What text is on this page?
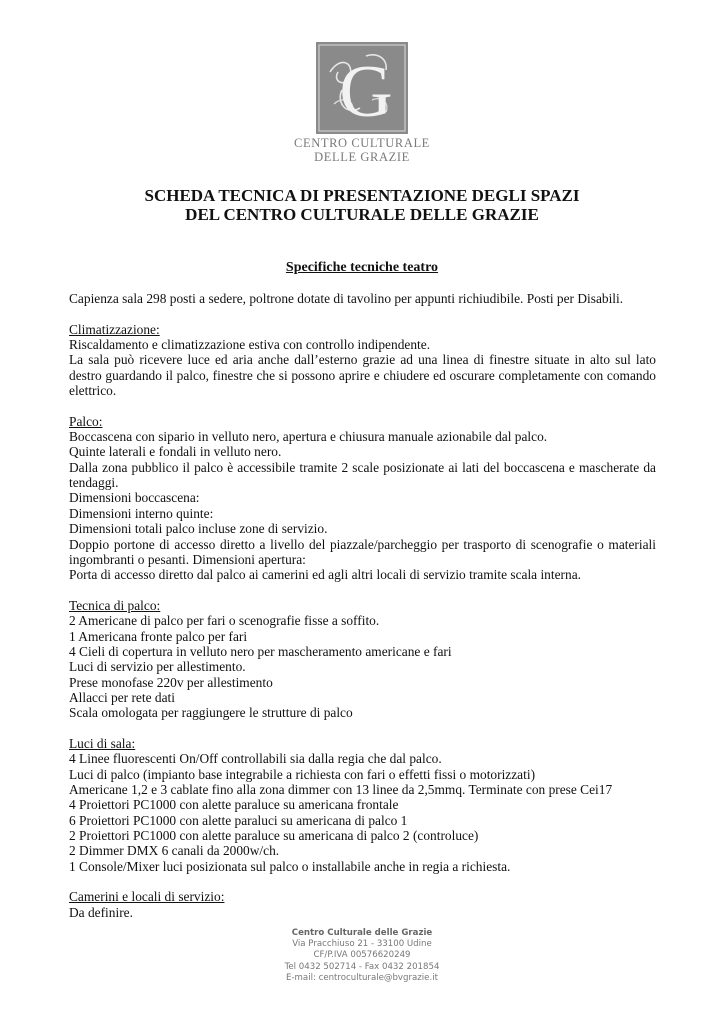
G
CENTRO CULTURALE
DELLE GRAZIE
SCHEDA TECNICA DI PRESENTAZIONE DEGLI SPAZI
DEL CENTRO CULTURALE DELLE GRAZIE
Specifiche tecniche teatro

Capienza sala 298 posti a sedere, poltrone dotate di tavolino per appunti richiudibile. Posti per Disabili.

Climatizzazione:

Riscaldamento e climatizzazione estiva con controllo indipendente.

La sala può ricevere luce ed aria anche dall’esterno grazie ad una linea di finestre situate in alto sul lato destro guardando il palco, finestre che si possono aprire e chiudere ed oscurare completamente con comando elettrico.

Palco:

Boccascena con sipario in velluto nero, apertura e chiusura manuale azionabile dal palco.

Quinte laterali e fondali in velluto nero.

Dalla zona pubblico il palco è accessibile tramite 2 scale posizionate ai lati del boccascena e mascherate da tendaggi.

Dimensioni boccascena:

Dimensioni interno quinte:

Dimensioni totali palco incluse zone di servizio.

Doppio portone di accesso diretto a livello del piazzale/parcheggio per trasporto di scenografie o materiali ingombranti o pesanti. Dimensioni apertura:

Porta di accesso diretto dal palco ai camerini ed agli altri locali di servizio tramite scala interna.

Tecnica di palco:

2 Americane di palco per fari o scenografie fisse a soffito.

1 Americana fronte palco per fari

4 Cieli di copertura in velluto nero per mascheramento americane e fari

Luci di servizio per allestimento.

Prese monofase 220v per allestimento

Allacci per rete dati

Scala omologata per raggiungere le strutture di palco

Luci di sala:

4 Linee fluorescenti On/Off controllabili sia dalla regia che dal palco.

Luci di palco (impianto base integrabile a richiesta con fari o effetti fissi o motorizzati)

Americane 1,2 e 3 cablate fino alla zona dimmer con 13 linee da 2,5mmq. Terminate con prese Cei17

4 Proiettori PC1000 con alette paraluce su americana frontale

6 Proiettori PC1000 con alette paraluci su americana di palco 1

2 Proiettori PC1000 con alette paraluce su americana di palco 2 (controluce)

2 Dimmer DMX 6 canali da 2000w/ch.

1 Console/Mixer luci posizionata sul palco o installabile anche in regia a richiesta.

Camerini e locali di servizio:

Da definire.

Centro Culturale delle Grazie
Via Pracchiuso 21 - 33100 Udine
CF/P.IVA 00576620249
Tel 0432 502714 - Fax 0432 201854
E-mail: centroculturale@bvgrazie.it
